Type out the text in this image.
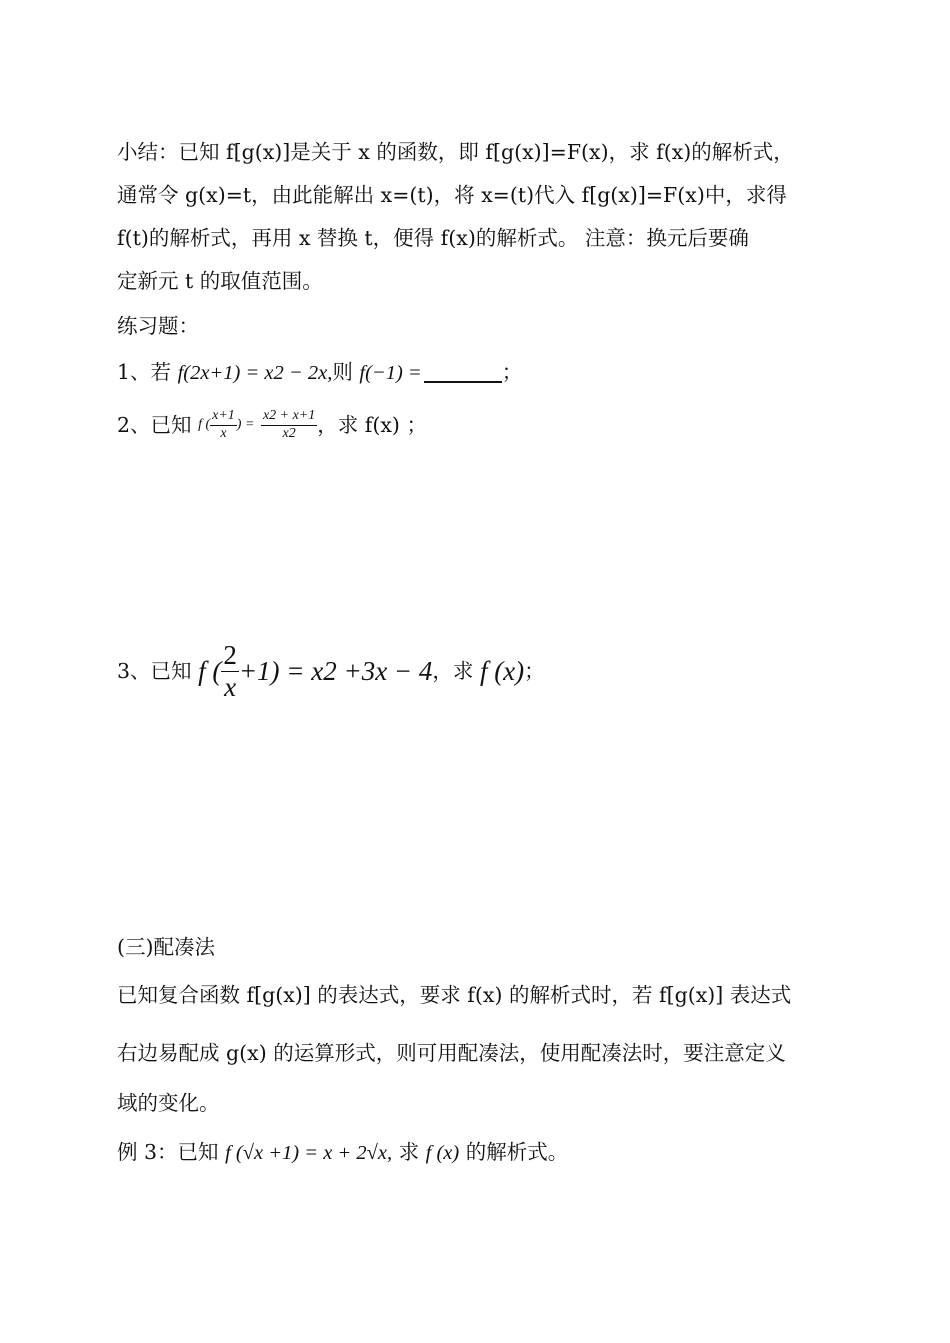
小结：已知 f[g(x)]是关于 x 的函数，即 f[g(x)]=F(x)，求 f(x)的解析式，
通常令 g(x)=t，由此能解出 x=(t)，将 x=(t)代入 f[g(x)]=F(x)中，求得
f(t)的解析式，再用 x 替换 t，便得 f(x)的解析式。 注意：换元后要确
定新元 t 的取值范围。
练习题：
1、若 f(2x+1) = x2 − 2x,则 f(−1) =	；
2、已知 f ( $\frac{x+1}{x}$ ) = $\frac{x2 + x+1}{x2}$ ，求 f(x) ；
3、已知 f ( $\frac{2}{x} +1) = x2 +3x - 4$，求 f (x)；
(三)配凑法
已知复合函数 f[g(x)] 的表达式，要求 f(x) 的解析式时，若 f[g(x)] 表达式
右边易配成 g(x) 的运算形式，则可用配凑法，使用配凑法时，要注意定义
域的变化。
例 3：已知 f (√x +1) = x + 2√x, 求 f (x) 的解析式。
